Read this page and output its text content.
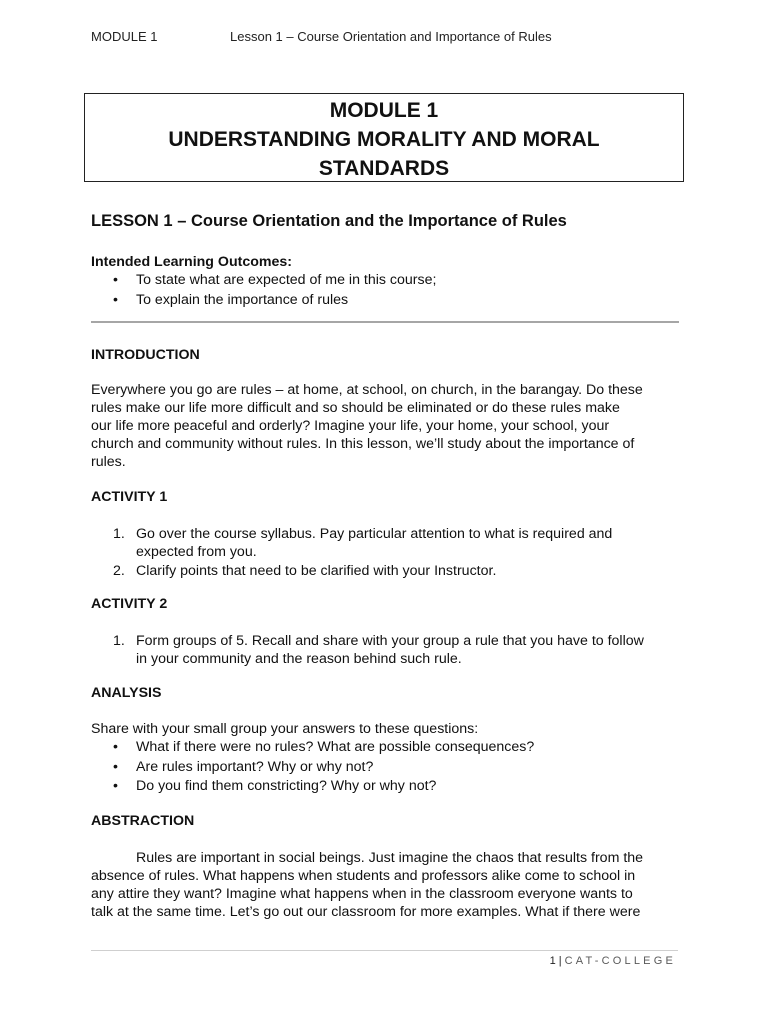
MODULE 1	Lesson 1 – Course Orientation and Importance of Rules
MODULE 1
UNDERSTANDING MORALITY AND MORAL
STANDARDS
LESSON 1 – Course Orientation and the Importance of Rules
Intended Learning Outcomes:
• To state what are expected of me in this course;
• To explain the importance of rules
INTRODUCTION
Everywhere you go are rules – at home, at school, on church, in the barangay. Do these
rules make our life more difficult and so should be eliminated or do these rules make
our life more peaceful and orderly? Imagine your life, your home, your school, your
church and community without rules. In this lesson, we’ll study about the importance of
rules.
ACTIVITY 1
1. Go over the course syllabus. Pay particular attention to what is required and
expected from you.
2. Clarify points that need to be clarified with your Instructor.
ACTIVITY 2
1. Form groups of 5. Recall and share with your group a rule that you have to follow
in your community and the reason behind such rule.
ANALYSIS
Share with your small group your answers to these questions:
• What if there were no rules? What are possible consequences?
• Are rules important? Why or why not?
• Do you find them constricting? Why or why not?
ABSTRACTION
Rules are important in social beings. Just imagine the chaos that results from the
absence of rules. What happens when students and professors alike come to school in
any attire they want? Imagine what happens when in the classroom everyone wants to
talk at the same time. Let’s go out our classroom for more examples. What if there were
1 | CAT-COLLEGE
